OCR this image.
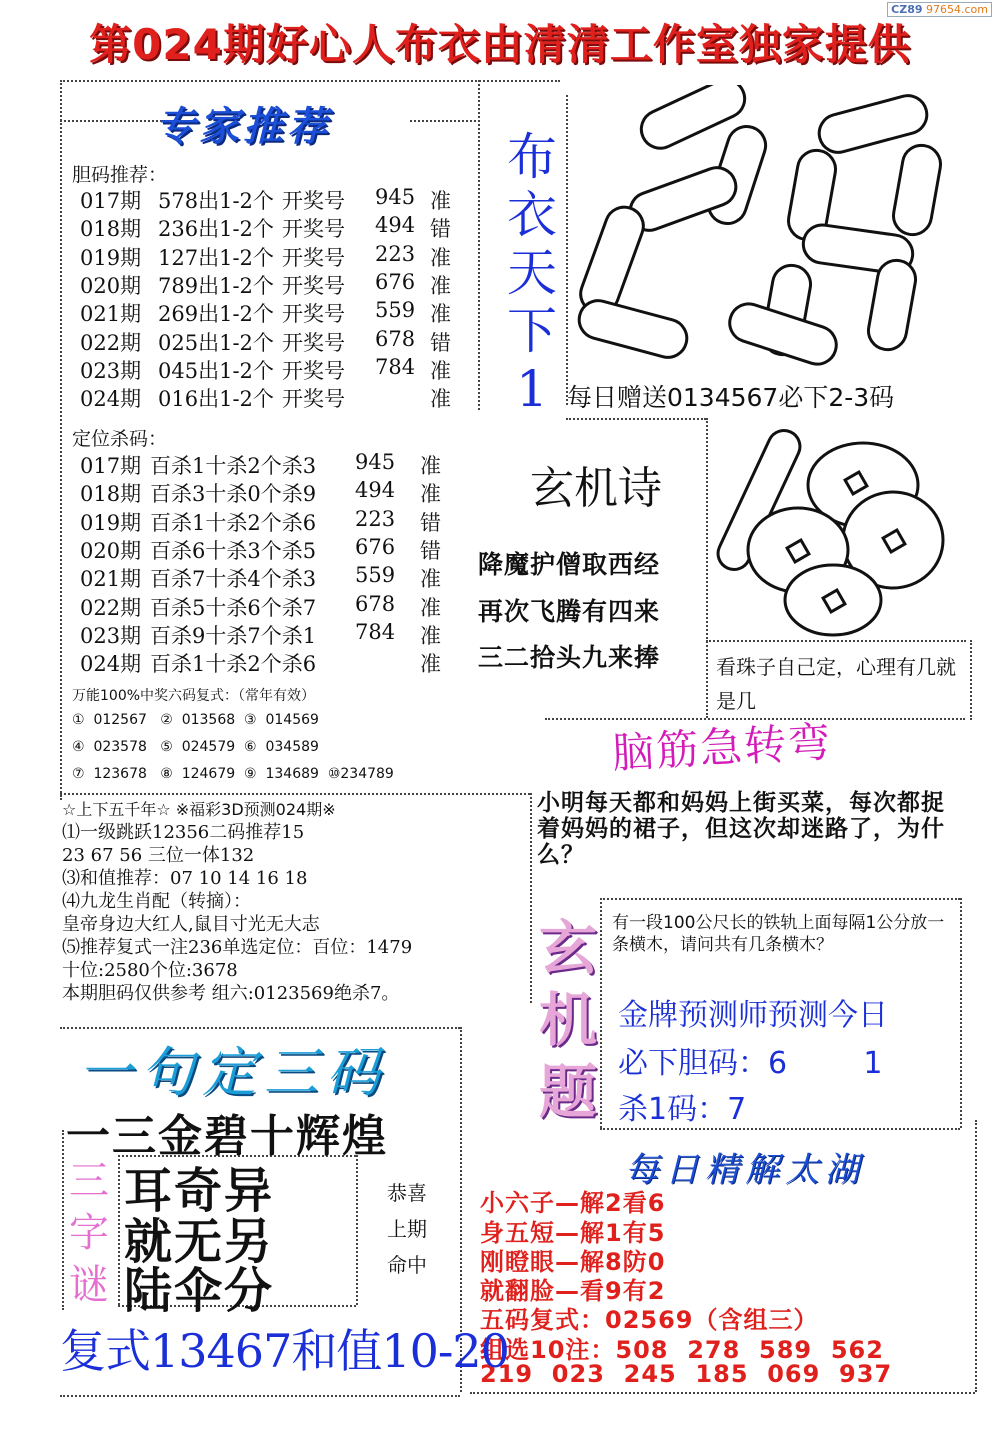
CZ89 97654.com
第024期好心人布衣由清清工作室独家提供
专家推荐
胆码推荐：
017期 578出1-2个 开奖号 945 准
018期 236出1-2个 开奖号 494 错
019期 127出1-2个 开奖号 223 准
020期 789出1-2个 开奖号 676 准
021期 269出1-2个 开奖号 559 准
022期 025出1-2个 开奖号 678 错
023期 045出1-2个 开奖号 784 准
024期 016出1-2个 开奖号	准
定位杀码：
017期 百杀1十杀2个杀3 945 准
018期 百杀3十杀0个杀9 494 准
019期 百杀1十杀2个杀6 223 错
020期 百杀6十杀3个杀5 676 错
021期 百杀7十杀4个杀3 559 准
022期 百杀5十杀6个杀7 678 准
023期 百杀9十杀7个杀1 784 准
024期 百杀1十杀2个杀6	准
万能100%中奖六码复式：（常年有效）
①  012567   ②  013568  ③  014569
④  023578   ⑤  024579  ⑥  034589
⑦  123678   ⑧  124679  ⑨  134689  ⑩234789
☆上下五千年☆ ※福彩3D预测024期※
⑴一级跳跃12356二码推荐15
23 67 56 三位一体132
⑶和值推荐：07 10 14 16 18
⑷九龙生肖配（转摘）：
皇帝身边大红人,鼠目寸光无大志
⑸推荐复式一注236单选定位：百位：1479
十位:2580个位:3678
本期胆码仅供参考 组六:0123569绝杀7。
布
衣
天
下
1 每日赠送0134567必下2-3码
玄机诗
降魔护僧取西经
再次飞腾有四来
三二拾头九来捧	看珠子自己定，心理有几就是几
脑筋急转弯
小明每天都和妈妈上街买菜，每次都捉着妈妈的裙子，但这次却迷路了，为什么？
玄
机
题
有一段100公尺长的铁轨上面每隔1公分放一条横木，请问共有几条横木？
金牌预测师预测今日
必下胆码：6        1
杀1码：7
每日精解太湖
小六子—解2看6
身五短—解1有5
刚瞪眼—解8防0
就翻脸—看9有2
五码复式：02569（含组三）
组选10注：508  278  589  562
219  023  245  185  069  937
一句定三码
一三金碧十辉煌
三
字
谜
耳奇异
就无另
陆伞分
恭喜
上期
命中
复式13467和值10-20
